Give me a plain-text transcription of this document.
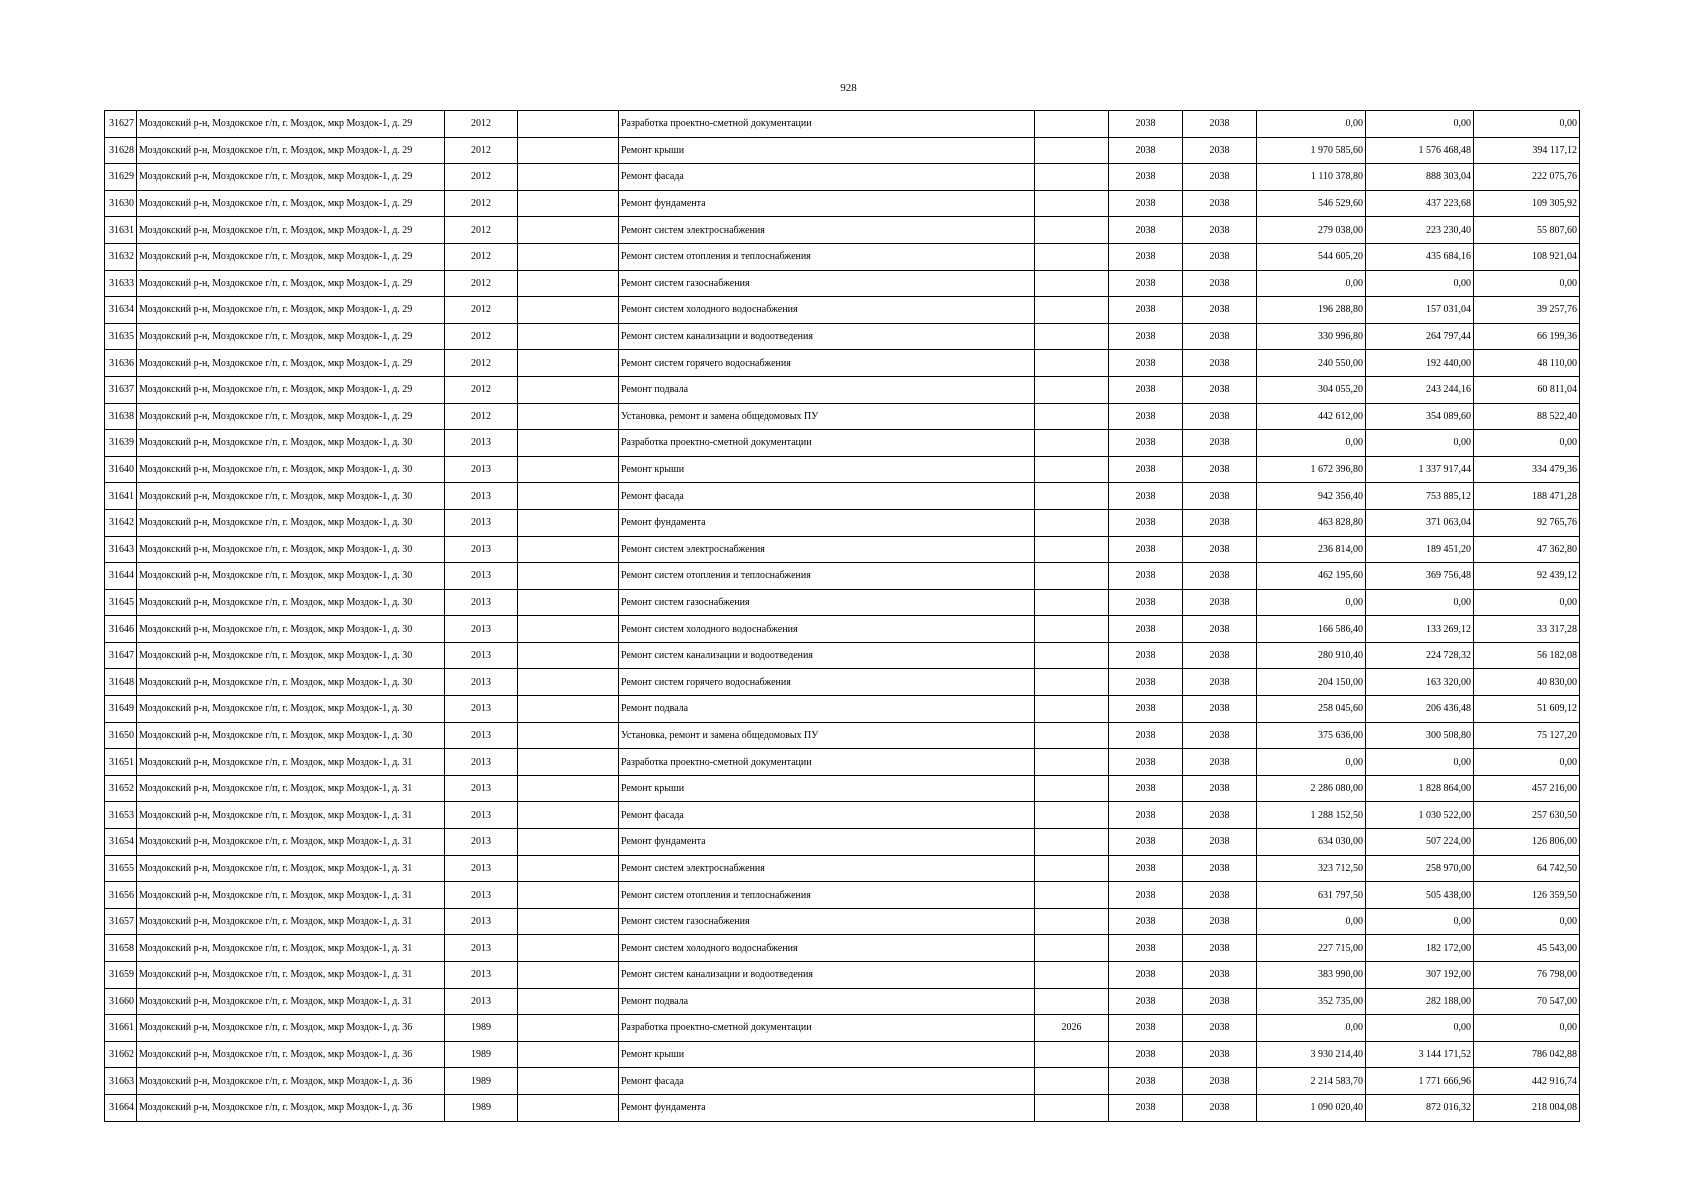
928
31627	Моздокский р-н, Моздокское г/п, г. Моздок, мкр Моздок-1, д. 29	2012		Разработка проектно-сметной документации		2038	2038	0,00	0,00	0,00
31628	Моздокский р-н, Моздокское г/п, г. Моздок, мкр Моздок-1, д. 29	2012		Ремонт крыши		2038	2038	1 970 585,60	1 576 468,48	394 117,12
31629	Моздокский р-н, Моздокское г/п, г. Моздок, мкр Моздок-1, д. 29	2012		Ремонт фасада		2038	2038	1 110 378,80	888 303,04	222 075,76
31630	Моздокский р-н, Моздокское г/п, г. Моздок, мкр Моздок-1, д. 29	2012		Ремонт фундамента		2038	2038	546 529,60	437 223,68	109 305,92
31631	Моздокский р-н, Моздокское г/п, г. Моздок, мкр Моздок-1, д. 29	2012		Ремонт систем электроснабжения		2038	2038	279 038,00	223 230,40	55 807,60
31632	Моздокский р-н, Моздокское г/п, г. Моздок, мкр Моздок-1, д. 29	2012		Ремонт систем отопления и теплоснабжения		2038	2038	544 605,20	435 684,16	108 921,04
31633	Моздокский р-н, Моздокское г/п, г. Моздок, мкр Моздок-1, д. 29	2012		Ремонт систем газоснабжения		2038	2038	0,00	0,00	0,00
31634	Моздокский р-н, Моздокское г/п, г. Моздок, мкр Моздок-1, д. 29	2012		Ремонт систем холодного водоснабжения		2038	2038	196 288,80	157 031,04	39 257,76
31635	Моздокский р-н, Моздокское г/п, г. Моздок, мкр Моздок-1, д. 29	2012		Ремонт систем канализации и водоотведения		2038	2038	330 996,80	264 797,44	66 199,36
31636	Моздокский р-н, Моздокское г/п, г. Моздок, мкр Моздок-1, д. 29	2012		Ремонт систем горячего водоснабжения		2038	2038	240 550,00	192 440,00	48 110,00
31637	Моздокский р-н, Моздокское г/п, г. Моздок, мкр Моздок-1, д. 29	2012		Ремонт подвала		2038	2038	304 055,20	243 244,16	60 811,04
31638	Моздокский р-н, Моздокское г/п, г. Моздок, мкр Моздок-1, д. 29	2012		Установка, ремонт и замена общедомовых ПУ		2038	2038	442 612,00	354 089,60	88 522,40
31639	Моздокский р-н, Моздокское г/п, г. Моздок, мкр Моздок-1, д. 30	2013		Разработка проектно-сметной документации		2038	2038	0,00	0,00	0,00
31640	Моздокский р-н, Моздокское г/п, г. Моздок, мкр Моздок-1, д. 30	2013		Ремонт крыши		2038	2038	1 672 396,80	1 337 917,44	334 479,36
31641	Моздокский р-н, Моздокское г/п, г. Моздок, мкр Моздок-1, д. 30	2013		Ремонт фасада		2038	2038	942 356,40	753 885,12	188 471,28
31642	Моздокский р-н, Моздокское г/п, г. Моздок, мкр Моздок-1, д. 30	2013		Ремонт фундамента		2038	2038	463 828,80	371 063,04	92 765,76
31643	Моздокский р-н, Моздокское г/п, г. Моздок, мкр Моздок-1, д. 30	2013		Ремонт систем электроснабжения		2038	2038	236 814,00	189 451,20	47 362,80
31644	Моздокский р-н, Моздокское г/п, г. Моздок, мкр Моздок-1, д. 30	2013		Ремонт систем отопления и теплоснабжения		2038	2038	462 195,60	369 756,48	92 439,12
31645	Моздокский р-н, Моздокское г/п, г. Моздок, мкр Моздок-1, д. 30	2013		Ремонт систем газоснабжения		2038	2038	0,00	0,00	0,00
31646	Моздокский р-н, Моздокское г/п, г. Моздок, мкр Моздок-1, д. 30	2013		Ремонт систем холодного водоснабжения		2038	2038	166 586,40	133 269,12	33 317,28
31647	Моздокский р-н, Моздокское г/п, г. Моздок, мкр Моздок-1, д. 30	2013		Ремонт систем канализации и водоотведения		2038	2038	280 910,40	224 728,32	56 182,08
31648	Моздокский р-н, Моздокское г/п, г. Моздок, мкр Моздок-1, д. 30	2013		Ремонт систем горячего водоснабжения		2038	2038	204 150,00	163 320,00	40 830,00
31649	Моздокский р-н, Моздокское г/п, г. Моздок, мкр Моздок-1, д. 30	2013		Ремонт подвала		2038	2038	258 045,60	206 436,48	51 609,12
31650	Моздокский р-н, Моздокское г/п, г. Моздок, мкр Моздок-1, д. 30	2013		Установка, ремонт и замена общедомовых ПУ		2038	2038	375 636,00	300 508,80	75 127,20
31651	Моздокский р-н, Моздокское г/п, г. Моздок, мкр Моздок-1, д. 31	2013		Разработка проектно-сметной документации		2038	2038	0,00	0,00	0,00
31652	Моздокский р-н, Моздокское г/п, г. Моздок, мкр Моздок-1, д. 31	2013		Ремонт крыши		2038	2038	2 286 080,00	1 828 864,00	457 216,00
31653	Моздокский р-н, Моздокское г/п, г. Моздок, мкр Моздок-1, д. 31	2013		Ремонт фасада		2038	2038	1 288 152,50	1 030 522,00	257 630,50
31654	Моздокский р-н, Моздокское г/п, г. Моздок, мкр Моздок-1, д. 31	2013		Ремонт фундамента		2038	2038	634 030,00	507 224,00	126 806,00
31655	Моздокский р-н, Моздокское г/п, г. Моздок, мкр Моздок-1, д. 31	2013		Ремонт систем электроснабжения		2038	2038	323 712,50	258 970,00	64 742,50
31656	Моздокский р-н, Моздокское г/п, г. Моздок, мкр Моздок-1, д. 31	2013		Ремонт систем отопления и теплоснабжения		2038	2038	631 797,50	505 438,00	126 359,50
31657	Моздокский р-н, Моздокское г/п, г. Моздок, мкр Моздок-1, д. 31	2013		Ремонт систем газоснабжения		2038	2038	0,00	0,00	0,00
31658	Моздокский р-н, Моздокское г/п, г. Моздок, мкр Моздок-1, д. 31	2013		Ремонт систем холодного водоснабжения		2038	2038	227 715,00	182 172,00	45 543,00
31659	Моздокский р-н, Моздокское г/п, г. Моздок, мкр Моздок-1, д. 31	2013		Ремонт систем канализации и водоотведения		2038	2038	383 990,00	307 192,00	76 798,00
31660	Моздокский р-н, Моздокское г/п, г. Моздок, мкр Моздок-1, д. 31	2013		Ремонт подвала		2038	2038	352 735,00	282 188,00	70 547,00
31661	Моздокский р-н, Моздокское г/п, г. Моздок, мкр Моздок-1, д. 36	1989		Разработка проектно-сметной документации	2026	2038	2038	0,00	0,00	0,00
31662	Моздокский р-н, Моздокское г/п, г. Моздок, мкр Моздок-1, д. 36	1989		Ремонт крыши		2038	2038	3 930 214,40	3 144 171,52	786 042,88
31663	Моздокский р-н, Моздокское г/п, г. Моздок, мкр Моздок-1, д. 36	1989		Ремонт фасада		2038	2038	2 214 583,70	1 771 666,96	442 916,74
31664	Моздокский р-н, Моздокское г/п, г. Моздок, мкр Моздок-1, д. 36	1989		Ремонт фундамента		2038	2038	1 090 020,40	872 016,32	218 004,08
